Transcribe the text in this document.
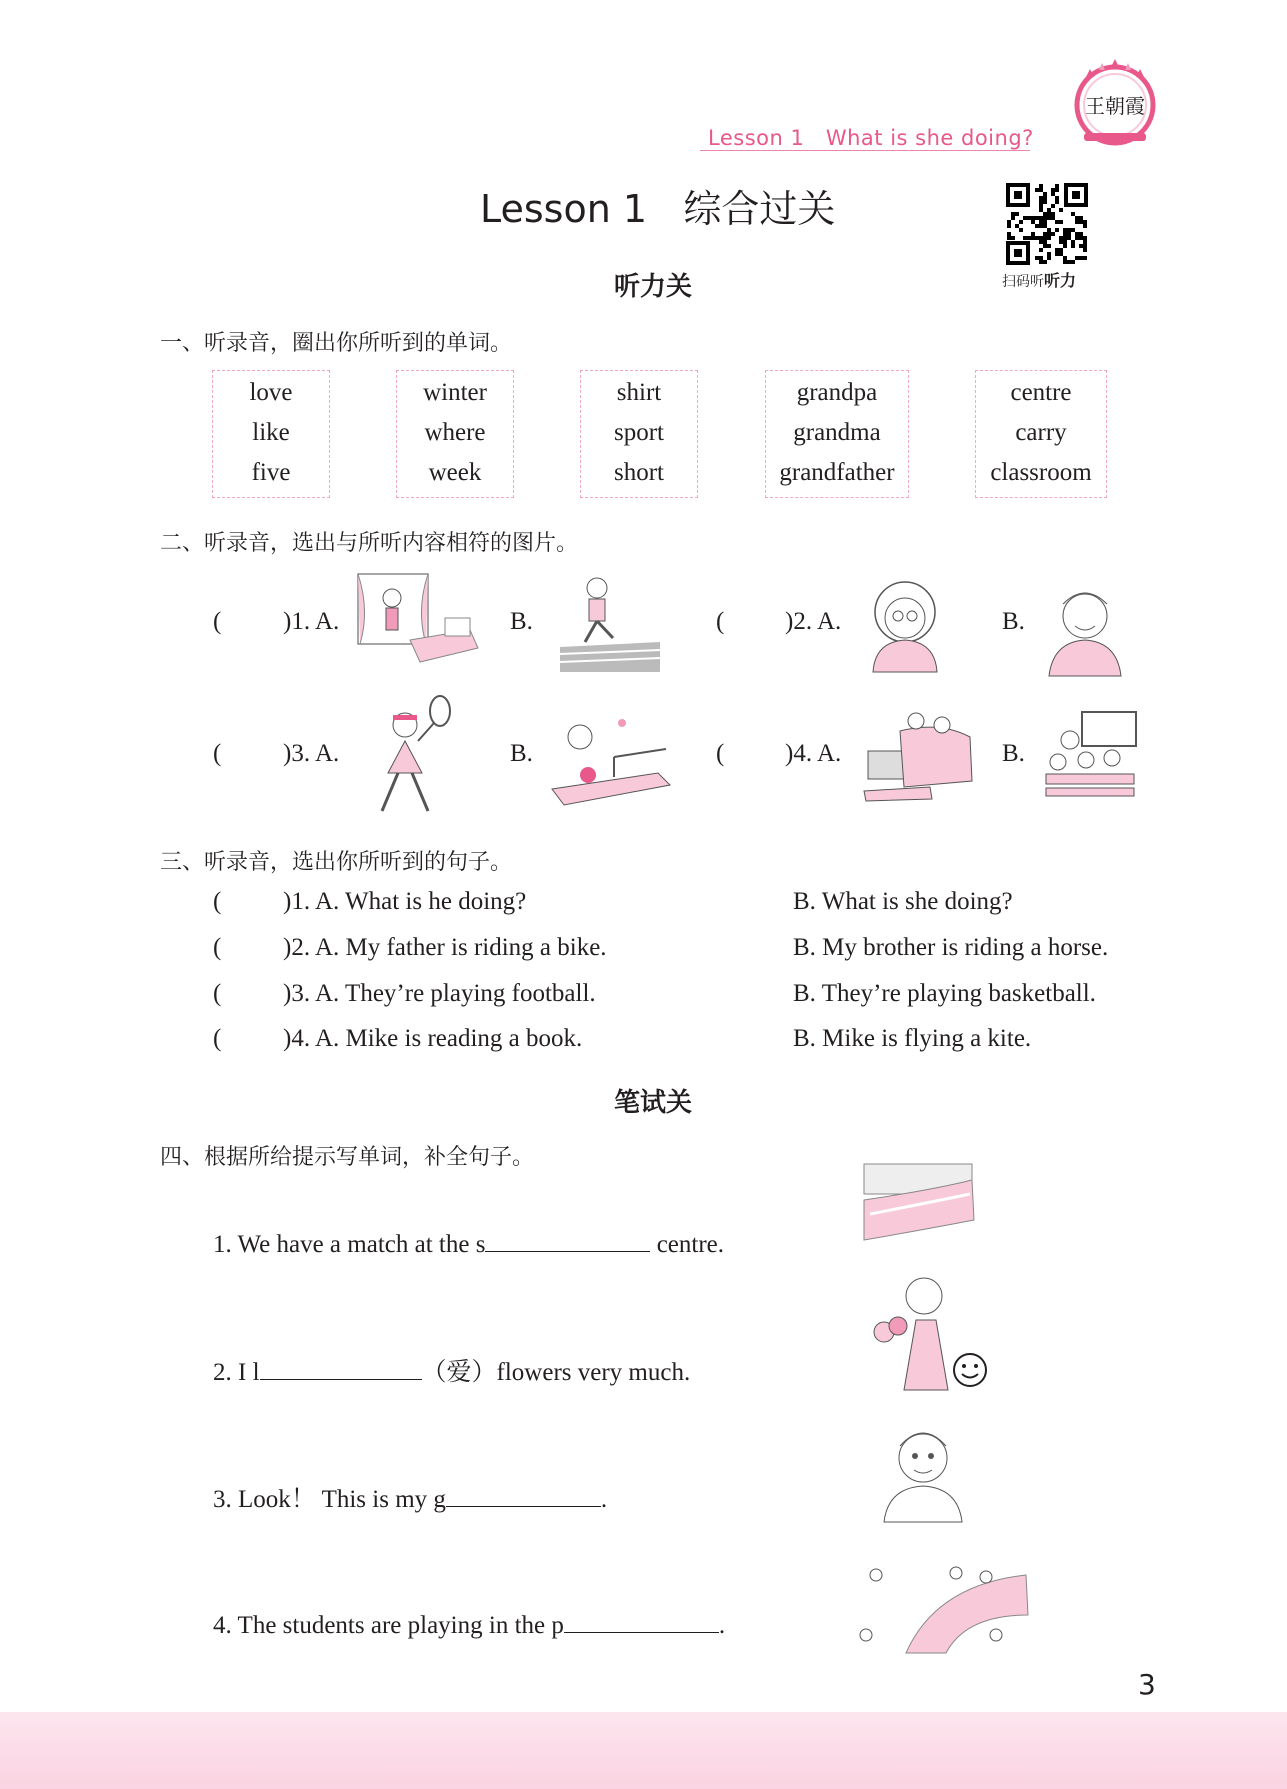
Lesson 1 What is she doing?
王朝霞
Lesson 1 综合过关
扫码听听力
听力关
一、听录音，圈出你所听到的单词。
love
like
five
winter
where
week
shirt
sport
short
grandpa
grandma
grandfather
centre
carry
classroom
二、听录音，选出与所听内容相符的图片。
( )1. A.	B.	( )2. A.	B.
( )3. A.	B.	( )4. A.	B.
三、听录音，选出你所听到的句子。
( )1. A. What is he doing?	B. What is she doing?
( )2. A. My father is riding a bike.	B. My brother is riding a horse.
( )3. A. They’re playing football.	B. They’re playing basketball.
( )4. A. Mike is reading a book.	B. Mike is flying a kite.
笔试关
四、根据所给提示写单词，补全句子。
1. We have a match at the s	centre.
2. I l	（爱）flowers very much.
3. Look！ This is my g	.
4. The students are playing in the p	.
3
